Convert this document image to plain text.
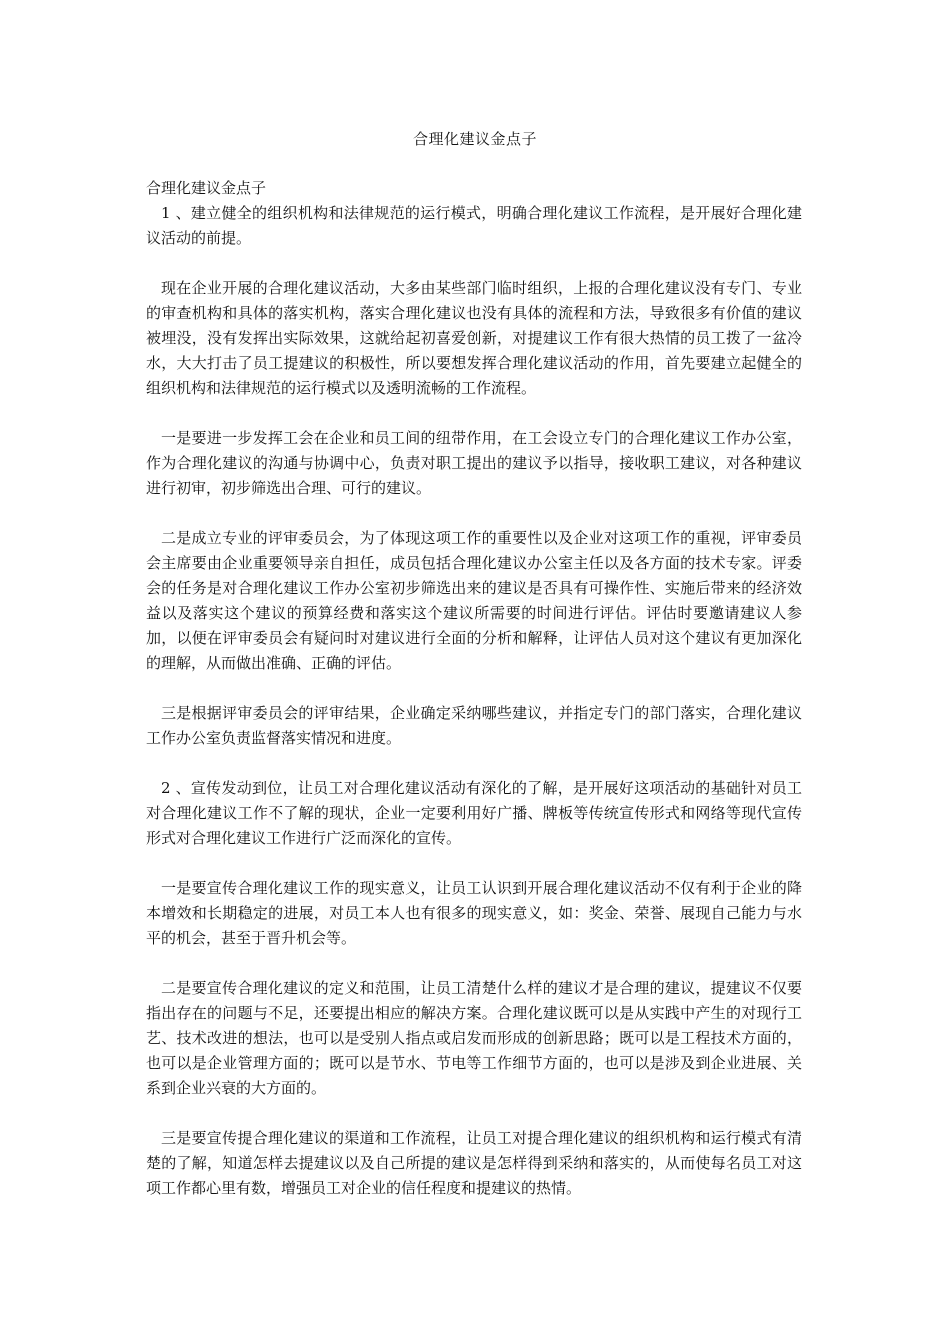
合理化建议金点子

合理化建议金点子

1 、建立健全的组织机构和法律规范的运行模式，明确合理化建议工作流程，是开展好合理化建议活动的前提。

现在企业开展的合理化建议活动，大多由某些部门临时组织，上报的合理化建议没有专门、专业的审查机构和具体的落实机构，落实合理化建议也没有具体的流程和方法，导致很多有价值的建议被埋没，没有发挥出实际效果，这就给起初喜爱创新，对提建议工作有很大热情的员工拨了一盆冷水，大大打击了员工提建议的积极性，所以要想发挥合理化建议活动的作用，首先要建立起健全的组织机构和法律规范的运行模式以及透明流畅的工作流程。

一是要进一步发挥工会在企业和员工间的纽带作用，在工会设立专门的合理化建议工作办公室，作为合理化建议的沟通与协调中心，负责对职工提出的建议予以指导，接收职工建议，对各种建议进行初审，初步筛选出合理、可行的建议。

二是成立专业的评审委员会，为了体现这项工作的重要性以及企业对这项工作的重视，评审委员会主席要由企业重要领导亲自担任，成员包括合理化建议办公室主任以及各方面的技术专家。评委会的任务是对合理化建议工作办公室初步筛选出来的建议是否具有可操作性、实施后带来的经济效益以及落实这个建议的预算经费和落实这个建议所需要的时间进行评估。评估时要邀请建议人参加，以便在评审委员会有疑问时对建议进行全面的分析和解释，让评估人员对这个建议有更加深化的理解，从而做出准确、正确的评估。

三是根据评审委员会的评审结果，企业确定采纳哪些建议，并指定专门的部门落实，合理化建议工作办公室负责监督落实情况和进度。

2 、宣传发动到位，让员工对合理化建议活动有深化的了解，是开展好这项活动的基础针对员工对合理化建议工作不了解的现状，企业一定要利用好广播、牌板等传统宣传形式和网络等现代宣传形式对合理化建议工作进行广泛而深化的宣传。

一是要宣传合理化建议工作的现实意义，让员工认识到开展合理化建议活动不仅有利于企业的降本增效和长期稳定的进展，对员工本人也有很多的现实意义，如：奖金、荣誉、展现自己能力与水平的机会，甚至于晋升机会等。

二是要宣传合理化建议的定义和范围，让员工清楚什么样的建议才是合理的建议，提建议不仅要指出存在的问题与不足，还要提出相应的解决方案。合理化建议既可以是从实践中产生的对现行工艺、技术改进的想法，也可以是受别人指点或启发而形成的创新思路；既可以是工程技术方面的，也可以是企业管理方面的；既可以是节水、节电等工作细节方面的，也可以是涉及到企业进展、关系到企业兴衰的大方面的。

三是要宣传提合理化建议的渠道和工作流程，让员工对提合理化建议的组织机构和运行模式有清楚的了解，知道怎样去提建议以及自己所提的建议是怎样得到采纳和落实的，从而使每名员工对这项工作都心里有数，增强员工对企业的信任程度和提建议的热情。
